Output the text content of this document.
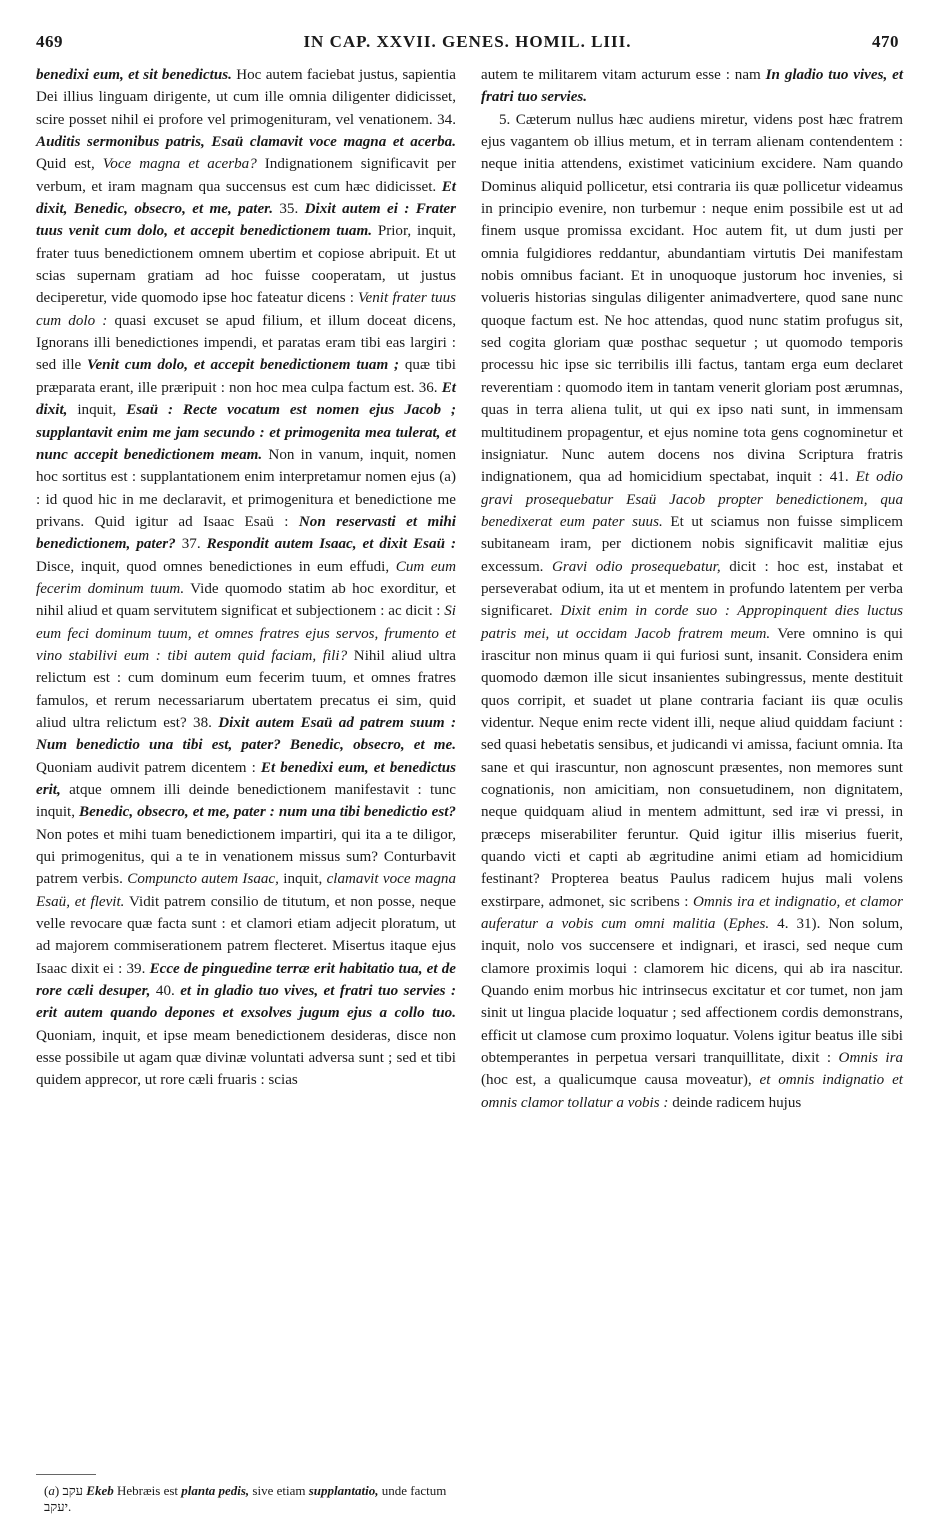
469	IN CAP. XXVII. GENES. HOMIL. LIII.	470

benedixi eum, et sit benedictus. Hoc autem faciebat justus, sapientia Dei illius linguam dirigente, ut cum ille omnia diligenter didicisset, scire posset nihil ei profore vel primogenituram, vel venationem. 34. Auditis sermonibus patris, Esaü clamavit voce magna et acerba. Quid est, Voce magna et acerba? Indignationem significavit per verbum, et iram magnam qua succensus est cum hæc didicisset. Et dixit, Benedic, obsecro, et me, pater. 35. Dixit autem ei : Frater tuus venit cum dolo, et accepit benedictionem tuam. Prior, inquit, frater tuus benedictionem omnem ubertim et copiose abripuit. Et ut scias supernam gratiam ad hoc fuisse cooperatam, ut justus deciperetur, vide quomodo ipse hoc fateatur dicens : Venit frater tuus cum dolo : quasi excuset se apud filium, et illum doceat dicens, Ignorans illi benedictiones impendi, et paratas eram tibi eas largiri : sed ille Venit cum dolo, et accepit benedictionem tuam ; quæ tibi præparata erant, ille præripuit : non hoc mea culpa factum est. 36. Et dixit, inquit, Esaü : Recte vocatum est nomen ejus Jacob ; supplantavit enim me jam secundo : et primogenita mea tulerat, et nunc accepit benedictionem meam. Non in vanum, inquit, nomen hoc sortitus est : supplantationem enim interpretamur nomen ejus (a) : id quod hic in me declaravit, et primogenitura et benedictione me privans. Quid igitur ad Isaac Esaü : Non reservasti et mihi benedictionem, pater? 37. Respondit autem Isaac, et dixit Esaü : Disce, inquit, quod omnes benedictiones in eum effudi, Cum eum fecerim dominum tuum. Vide quomodo statim ab hoc exorditur, et nihil aliud et quam servitutem significat et subjectionem : ac dicit : Si eum feci dominum tuum, et omnes fratres ejus servos, frumento et vino stabilivi eum : tibi autem quid faciam, fili? Nihil aliud ultra relictum est : cum dominum eum fecerim tuum, et omnes fratres famulos, et rerum necessariarum ubertatem precatus ei sim, quid aliud ultra relictum est? 38. Dixit autem Esaü ad patrem suum : Num benedictio una tibi est, pater? Benedic, obsecro, et me. Quoniam audivit patrem dicentem : Et benedixi eum, et benedictus erit, atque omnem illi deinde benedictionem manifestavit : tunc inquit, Benedic, obsecro, et me, pater : num una tibi benedictio est? Non potes et mihi tuam benedictionem impartiri, qui ita a te diligor, qui primogenitus, qui a te in venationem missus sum? Conturbavit patrem verbis. Compuncto autem Isaac, inquit, clamavit voce magna Esaü, et flevit. Vidit patrem consilio de titutum, et non posse, neque velle revocare quæ facta sunt : et clamori etiam adjecit ploratum, ut ad majorem commiserationem patrem flecteret. Misertus itaque ejus Isaac dixit ei : 39. Ecce de pinguedine terræ erit habitatio tua, et de rore cæli desuper, 40. et in gladio tuo vives, et fratri tuo servies : erit autem quando depones et exsolves jugum ejus a collo tuo. Quoniam, inquit, et ipse meam benedictionem desideras, disce non esse possibile ut agam quæ divinæ voluntati adversa sunt ; sed et tibi quidem apprecor, ut rore cæli fruaris : scias

autem te militarem vitam acturum esse : nam In gladio tuo vives, et fratri tuo servies.

5. Cæterum nullus hæc audiens miretur, videns post hæc fratrem ejus vagantem ob illius metum, et in terram alienam contendentem : neque initia attendens, existimet vaticinium excidere. Nam quando Dominus aliquid pollicetur, etsi contraria iis quæ pollicetur videamus in principio evenire, non turbemur : neque enim possibile est ut ad finem usque promissa excidant. Hoc autem fit, ut dum justi per omnia fulgidiores reddantur, abundantiam virtutis Dei manifestam nobis omnibus faciant. Et in unoquoque justorum hoc invenies, si volueris historias singulas diligenter animadvertere, quod sane nunc quoque factum est. Ne hoc attendas, quod nunc statim profugus sit, sed cogita gloriam quæ posthac sequetur ; ut quomodo temporis processu hic ipse sic terribilis illi factus, tantam erga eum declaret reverentiam : quomodo item in tantam venerit gloriam post ærumnas, quas in terra aliena tulit, ut qui ex ipso nati sunt, in immensam multitudinem propagentur, et ejus nomine tota gens cognominetur et insigniatur. Nunc autem docens nos divina Scriptura fratris indignationem, qua ad homicidium spectabat, inquit : 41. Et odio gravi prosequebatur Esaü Jacob propter benedictionem, qua benedixerat eum pater suus. Et ut sciamus non fuisse simplicem subitaneam iram, per dictionem nobis significavit malitiæ ejus excessum. Gravi odio prosequebatur, dicit : hoc est, instabat et perseverabat odium, ita ut et mentem in profundo latentem per verba significaret. Dixit enim in corde suo : Appropinquent dies luctus patris mei, ut occidam Jacob fratrem meum. Vere omnino is qui irascitur non minus quam ii qui furiosi sunt, insanit. Considera enim quomodo dæmon ille sicut insanientes subingressus, mente destituit quos corripit, et suadet ut plane contraria faciant iis quæ oculis videntur. Neque enim recte vident illi, neque aliud quiddam faciunt : sed quasi hebetatis sensibus, et judicandi vi amissa, faciunt omnia. Ita sane et qui irascuntur, non agnoscunt præsentes, non memores sunt cognationis, non amicitiam, non consuetudinem, non dignitatem, neque quidquam aliud in mentem admittunt, sed iræ vi pressi, in præceps miserabiliter feruntur. Quid igitur illis miserius fuerit, quando victi et capti ab ægritudine animi etiam ad homicidium festinant? Propterea beatus Paulus radicem hujus mali volens exstirpare, admonet, sic scribens : Omnis ira et indignatio, et clamor auferatur a vobis cum omni malitia (Ephes. 4. 31). Non solum, inquit, nolo vos succensere et indignari, et irasci, sed neque cum clamore proximis loqui : clamorem hic dicens, qui ab ira nascitur. Quando enim morbus hic intrinsecus excitatur et cor tumet, non jam sinit ut lingua placide loquatur ; sed affectionem cordis demonstrans, efficit ut clamose cum proximo loquatur. Volens igitur beatus ille sibi obtemperantes in perpetua versari tranquillitate, dixit : Omnis ira (hoc est, a qualicumque causa moveatur), et omnis indignatio et omnis clamor tollatur a vobis : deinde radicem hujus

(a) עקב Ekeb Hebræis est planta pedis, sive etiam supplantatio, unde factum יעקב.
